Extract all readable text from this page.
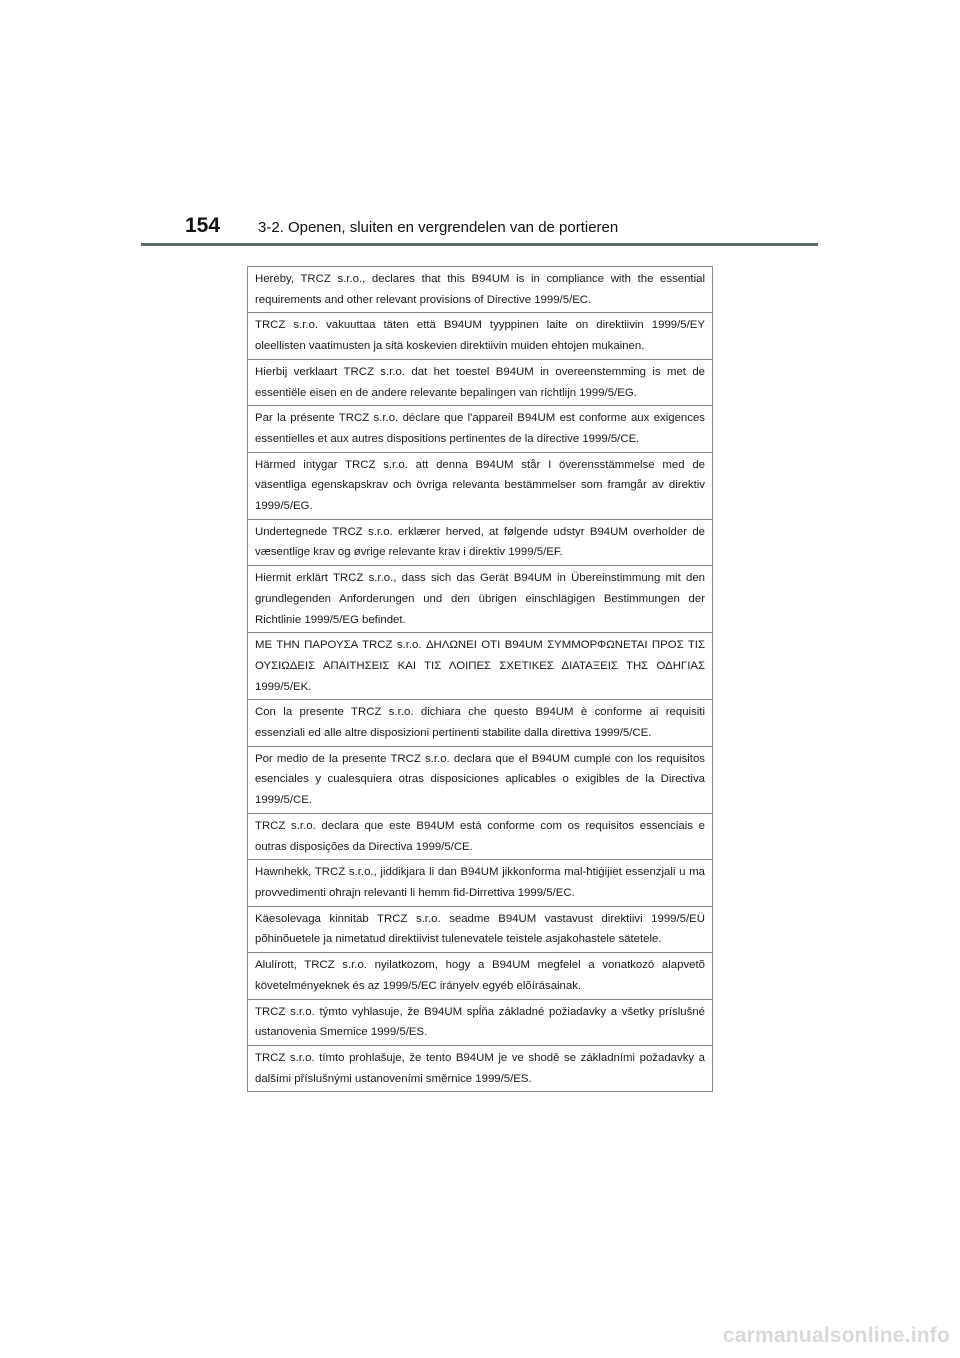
154	3-2. Openen, sluiten en vergrendelen van de portieren
Hereby, TRCZ s.r.o., declares that this B94UM is in compliance with the essential requirements and other relevant provisions of Directive 1999/5/EC.
TRCZ s.r.o. vakuuttaa täten että B94UM tyyppinen laite on direktiivin 1999/5/EY oleellisten vaatimusten ja sitä koskevien direktiivin muiden ehtojen mukainen.
Hierbij verklaart TRCZ s.r.o. dat het toestel B94UM in overeenstemming is met de essentiële eisen en de andere relevante bepalingen van richtlijn 1999/5/EG.
Par la présente TRCZ s.r.o. déclare que l'appareil B94UM est conforme aux exigences essentielles et aux autres dispositions pertinentes de la directive 1999/5/CE.
Härmed intygar TRCZ s.r.o. att denna B94UM står I överensstämmelse med de väsentliga egenskapskrav och övriga relevanta bestämmelser som framgår av direktiv 1999/5/EG.
Undertegnede TRCZ s.r.o. erklærer herved, at følgende udstyr B94UM overholder de væsentlige krav og øvrige relevante krav i direktiv 1999/5/EF.
Hiermit erklärt TRCZ s.r.o., dass sich das Gerät B94UM in Übereinstimmung mit den grundlegenden Anforderungen und den übrigen einschlägigen Bestimmungen der Richtlinie 1999/5/EG befindet.
ΜΕ ΤΗΝ ΠΑΡΟΥΣΑ TRCZ s.r.o. ΔΗΛΩΝΕΙ ΟΤΙ B94UM ΣΥΜΜΟΡΦΩΝΕΤΑΙ ΠΡΟΣ ΤΙΣ ΟΥΣΙΩΔΕΙΣ ΑΠΑΙΤΗΣΕΙΣ ΚΑΙ ΤΙΣ ΛΟΙΠΕΣ ΣΧΕΤΙΚΕΣ ΔΙΑΤΑΞΕΙΣ ΤΗΣ ΟΔΗΓΙΑΣ 1999/5/ΕΚ.
Con la presente TRCZ s.r.o. dichiara che questo B94UM è conforme ai requisiti essenziali ed alle altre disposizioni pertinenti stabilite dalla direttiva 1999/5/CE.
Por medio de la presente TRCZ s.r.o. declara que el B94UM cumple con los requisitos esenciales y cualesquiera otras disposiciones aplicables o exigibles de la Directiva 1999/5/CE.
TRCZ s.r.o. declara que este B94UM está conforme com os requisitos essenciais e outras disposições da Directiva 1999/5/CE.
Hawnhekk, TRCZ s.r.o., jiddikjara li dan B94UM jikkonforma mal-ħtiġijiet essenzjali u ma provvedimenti oħrajn relevanti li hemm fid-Dirrettiva 1999/5/EC.
Käesolevaga kinnitab TRCZ s.r.o. seadme B94UM vastavust direktiivi 1999/5/EÜ põhinõuetele ja nimetatud direktiivist tulenevatele teistele asjakohastele sätetele.
Alulírott, TRCZ s.r.o. nyilatkozom, hogy a B94UM megfelel a vonatkozó alapvetõ követelményeknek és az 1999/5/EC irányelv egyéb elõírásainak.
TRCZ s.r.o. týmto vyhlasuje, že B94UM spĺňa základné požiadavky a všetky príslušné ustanovenia Smernice 1999/5/ES.
TRCZ s.r.o. tímto prohlašuje, že tento B94UM je ve shodě se základními požadavky a dalšími příslušnými ustanoveními směrnice 1999/5/ES.
carmanualsonline.info
